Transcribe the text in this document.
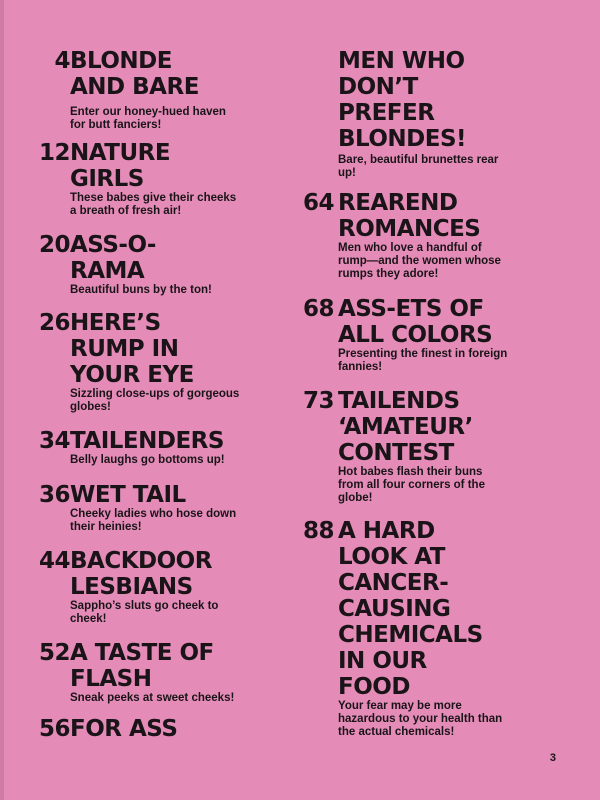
4 BLONDE
AND BARE
Enter our honey-hued haven
for butt fanciers!
12 NATURE
GIRLS
These babes give their cheeks
a breath of fresh air!
20 ASS-O-
RAMA
Beautiful buns by the ton!
26 HERE’S
RUMP IN
YOUR EYE
Sizzling close-ups of gorgeous
globes!
34 TAILENDERS
Belly laughs go bottoms up!
36 WET TAIL
Cheeky ladies who hose down
their heinies!
44 BACKDOOR
LESBIANS
Sappho’s sluts go cheek to
cheek!
52 A TASTE OF
FLASH
Sneak peeks at sweet cheeks!
56 FOR ASS
MEN WHO
DON’T
PREFER
BLONDES!
Bare, beautiful brunettes rear
up!
64 REAREND
ROMANCES
Men who love a handful of
rump—and the women whose
rumps they adore!
68 ASS-ETS OF
ALL COLORS
Presenting the finest in foreign
fannies!
73 TAILENDS
‘AMATEUR’
CONTEST
Hot babes flash their buns
from all four corners of the
globe!
88 A HARD
LOOK AT
CANCER-
CAUSING
CHEMICALS
IN OUR
FOOD
Your fear may be more
hazardous to your health than
the actual chemicals!
3
